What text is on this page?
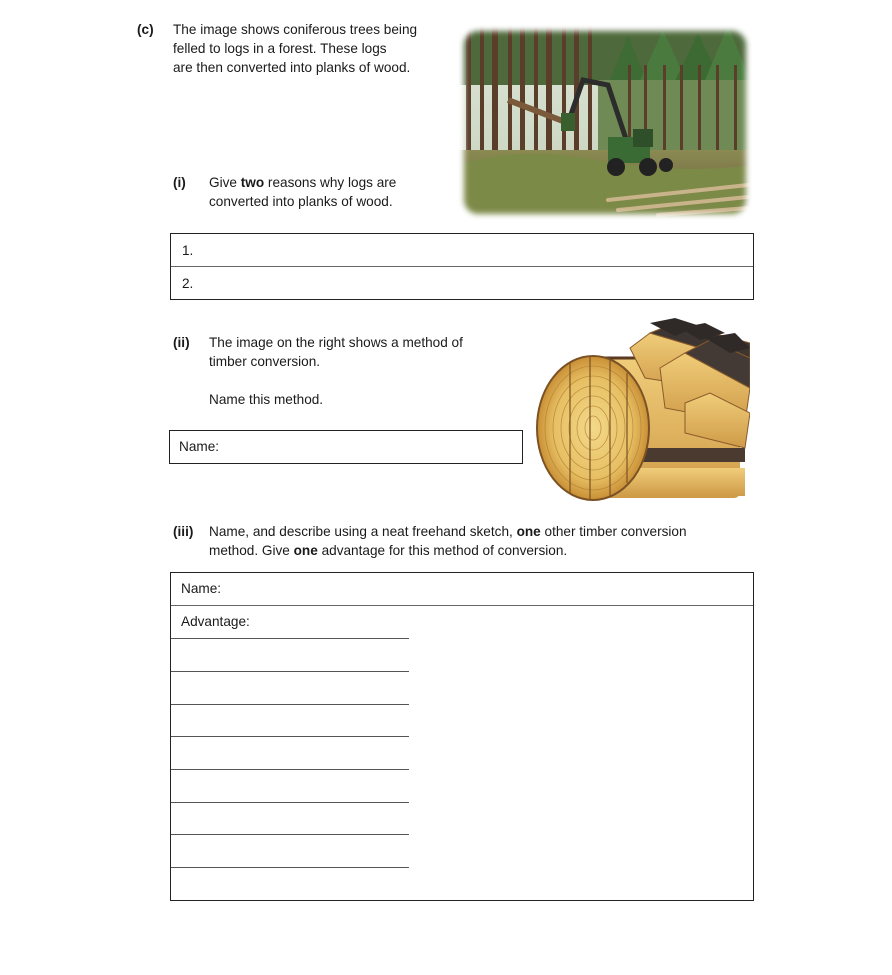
(c) The image shows coniferous trees being
felled to logs in a forest. These logs
are then converted into planks of wood.
(i) Give two reasons why logs are
converted into planks of wood.
1.
2.
(ii) The image on the right shows a method of
timber conversion.
Name this method.
Name:
(iii) Name, and describe using a neat freehand sketch, one other timber conversion
method. Give one advantage for this method of conversion.
Name:
Advantage:
